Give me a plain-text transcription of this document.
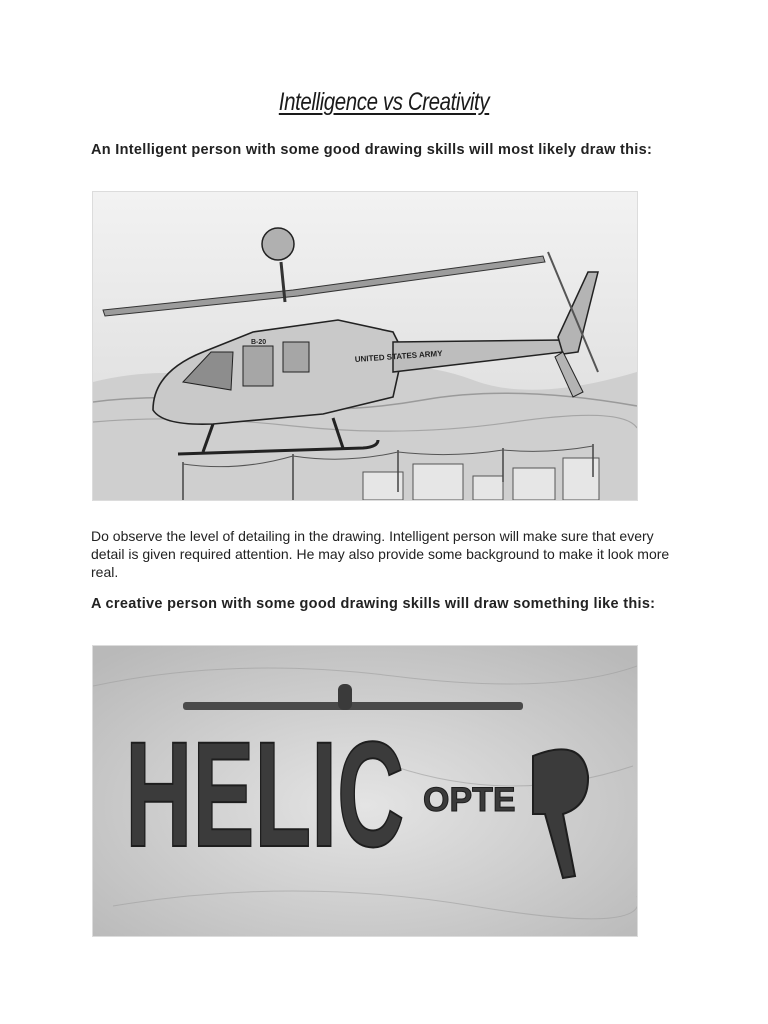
Intelligence vs Creativity
An Intelligent person with some good drawing skills will most likely draw this:
UNITED STATES ARMY
B-20
Do observe the level of detailing in the drawing. Intelligent person will make sure that every detail is given required attention. He may also provide some background to make it look more real.
A creative person with some good drawing skills will draw something like this:
HELIC OPTE
